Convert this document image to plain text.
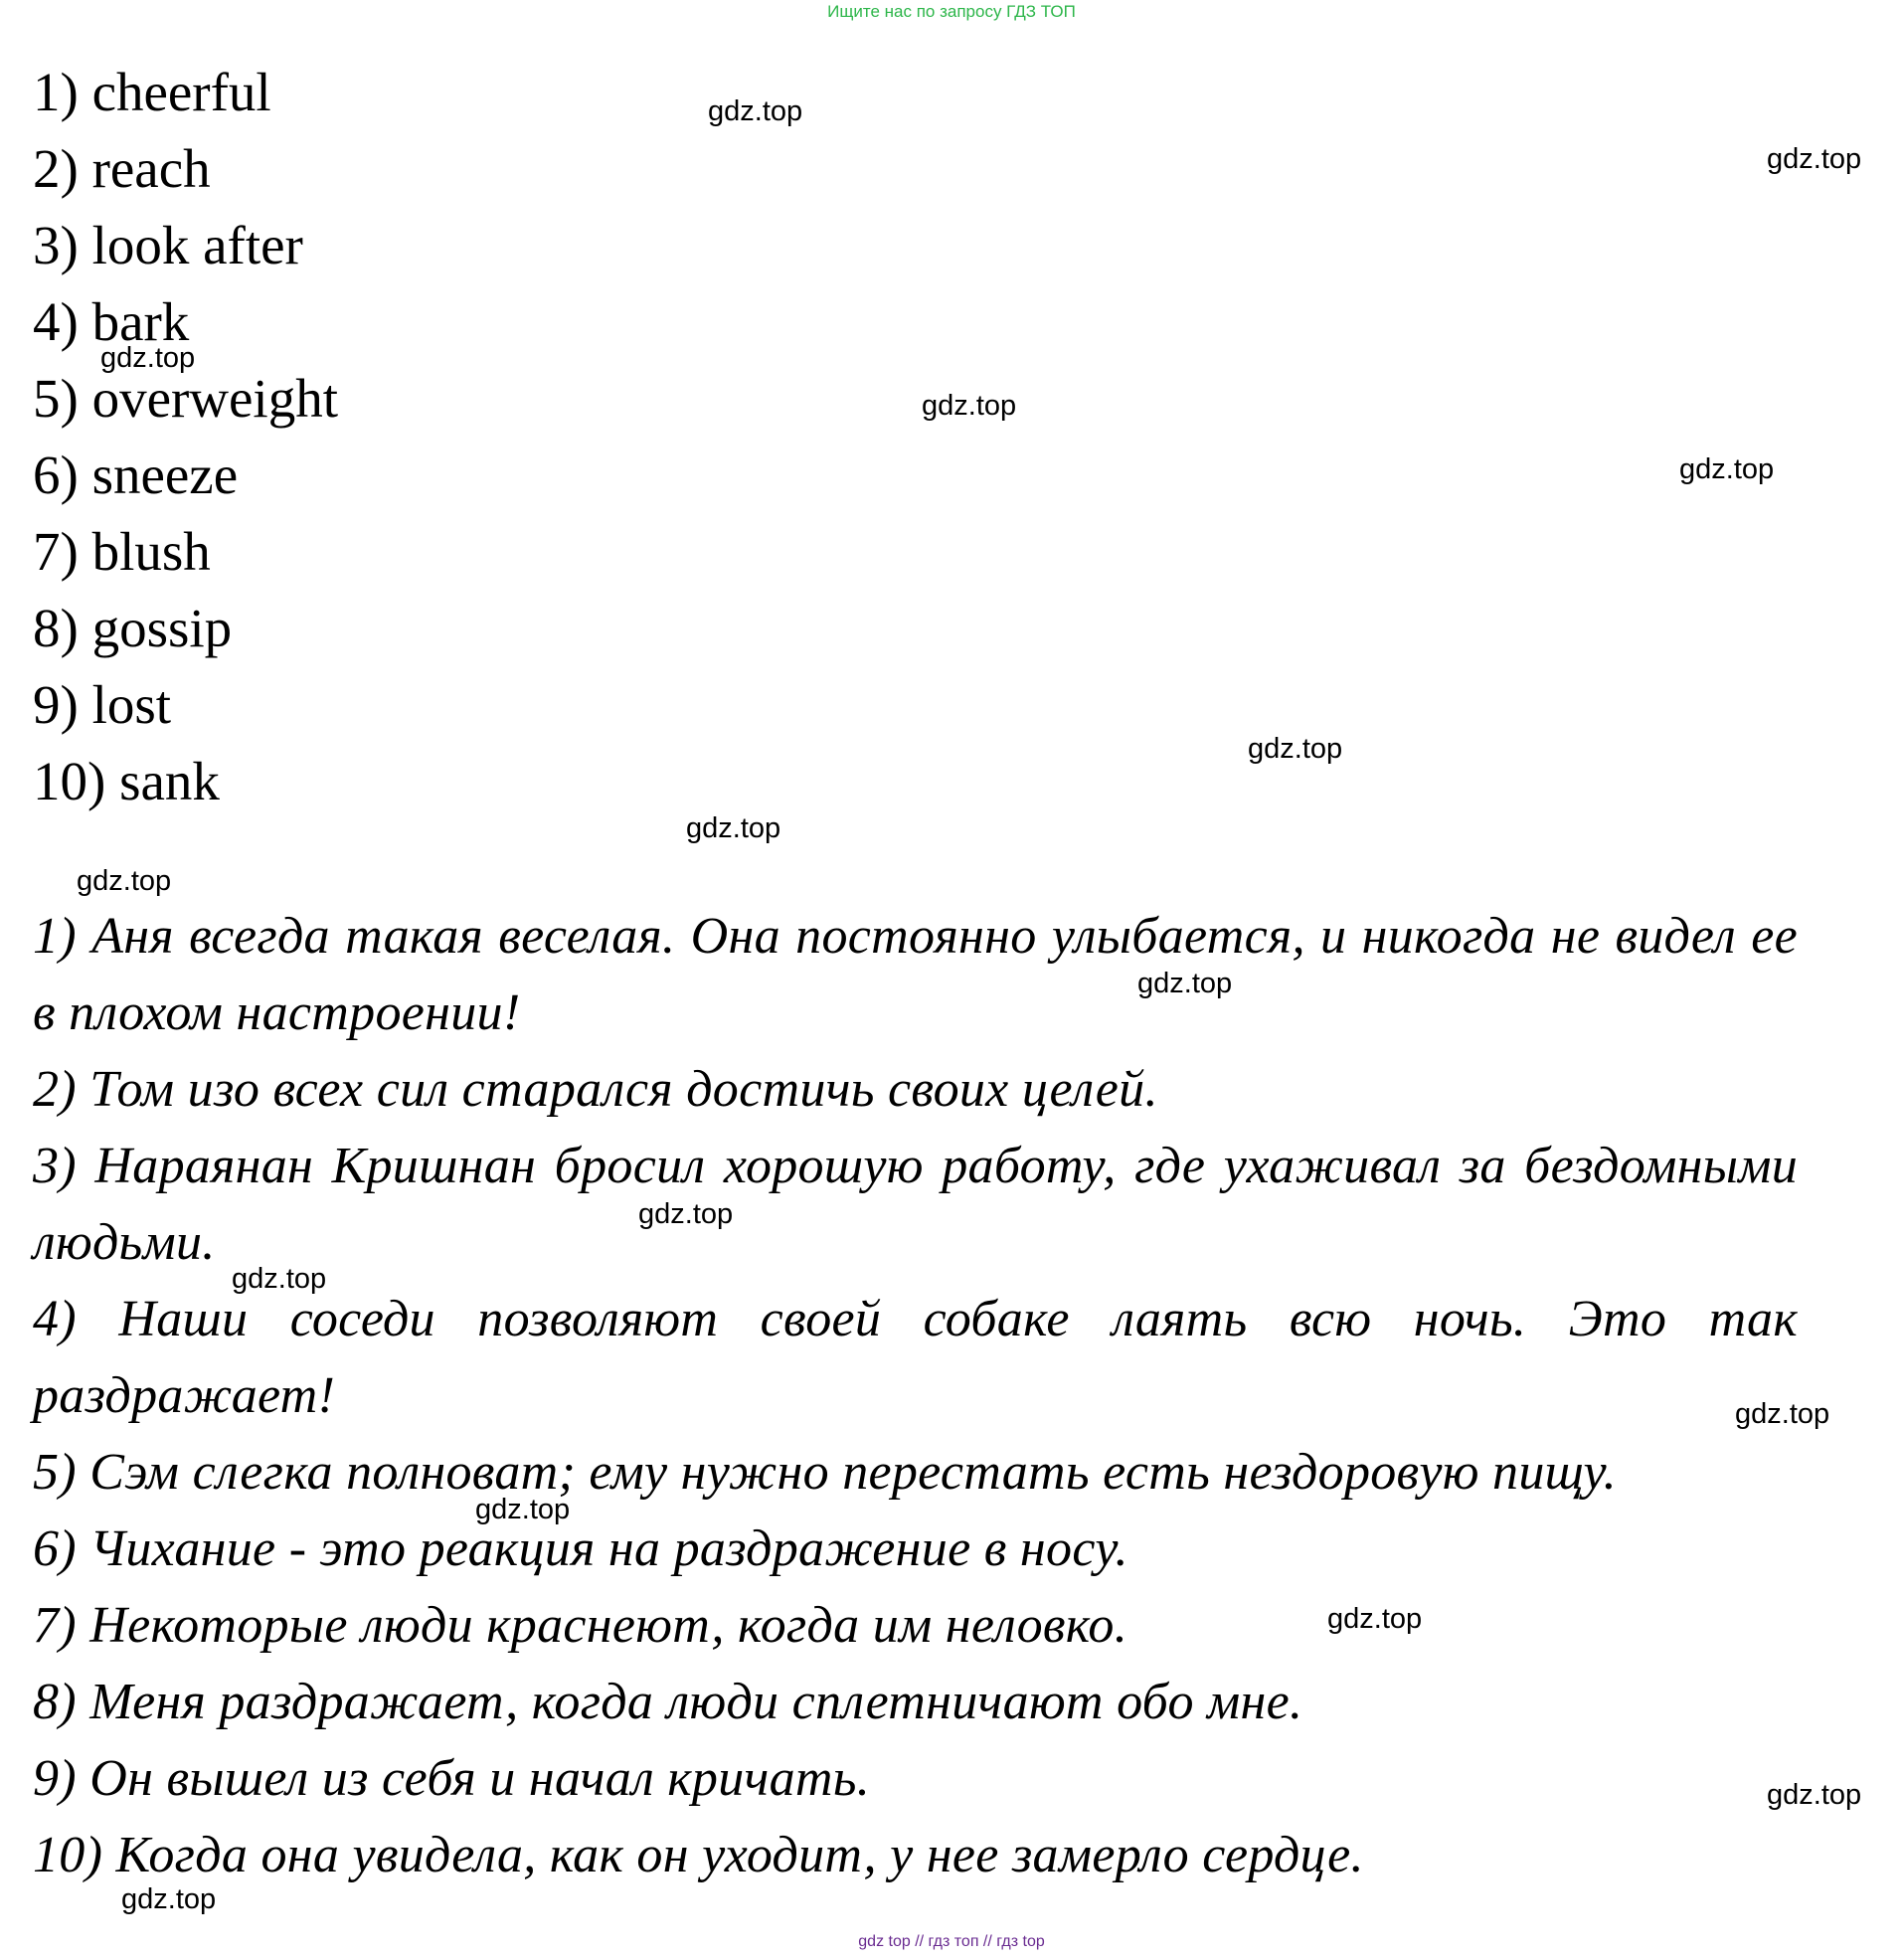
Ищите нас по запросу ГДЗ ТОП
1) cheerful
2) reach
3) look after
4) bark
5) overweight
6) sneeze
7) blush
8) gossip
9) lost
10) sank
1) Аня всегда такая веселая. Она постоянно улыбается, и никогда не видел ее в плохом настроении!
2) Том изо всех сил старался достичь своих целей.
3) Нараянан Кришнан бросил хорошую работу, где ухаживал за бездомными людьми.
4) Наши соседи позволяют своей собаке лаять всю ночь. Это так раздражает!
5) Сэм слегка полноват; ему нужно перестать есть нездоровую пищу.
6) Чихание - это реакция на раздражение в носу.
7) Некоторые люди краснеют, когда им неловко.
8) Меня раздражает, когда люди сплетничают обо мне.
9) Он вышел из себя и начал кричать.
10) Когда она увидела, как он уходит, у нее замерло сердце.
gdz.top
gdz.top
gdz.top
gdz.top
gdz.top
gdz.top
gdz.top
gdz.top
gdz.top
gdz.top
gdz.top
gdz.top
gdz.top
gdz.top
gdz.top
gdz.top
gdz top // гдз топ // гдз top
